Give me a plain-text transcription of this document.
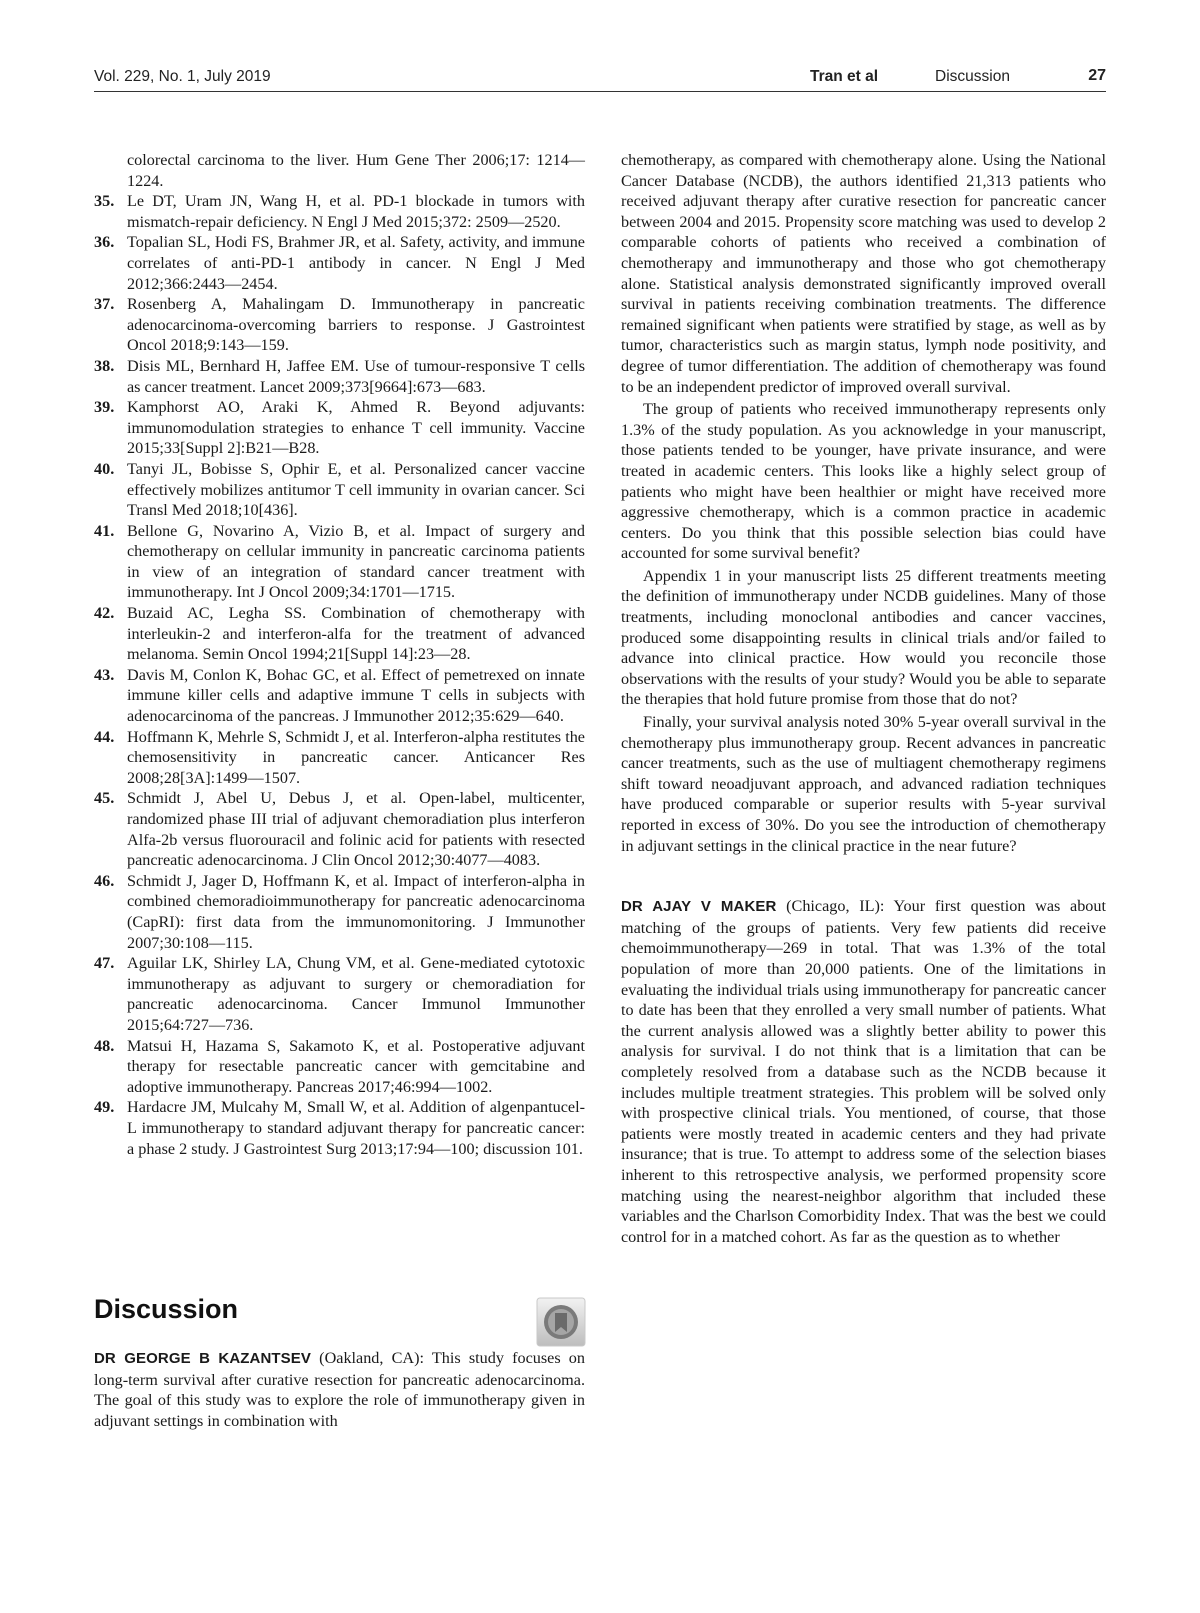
Vol. 229, No. 1, July 2019	Tran et al	Discussion	27
colorectal carcinoma to the liver. Hum Gene Ther 2006;17: 1214—1224.
35. Le DT, Uram JN, Wang H, et al. PD-1 blockade in tumors with mismatch-repair deficiency. N Engl J Med 2015;372: 2509—2520.
36. Topalian SL, Hodi FS, Brahmer JR, et al. Safety, activity, and immune correlates of anti-PD-1 antibody in cancer. N Engl J Med 2012;366:2443—2454.
37. Rosenberg A, Mahalingam D. Immunotherapy in pancreatic adenocarcinoma-overcoming barriers to response. J Gastrointest Oncol 2018;9:143—159.
38. Disis ML, Bernhard H, Jaffee EM. Use of tumour-responsive T cells as cancer treatment. Lancet 2009;373[9664]:673—683.
39. Kamphorst AO, Araki K, Ahmed R. Beyond adjuvants: immunomodulation strategies to enhance T cell immunity. Vaccine 2015;33[Suppl 2]:B21—B28.
40. Tanyi JL, Bobisse S, Ophir E, et al. Personalized cancer vaccine effectively mobilizes antitumor T cell immunity in ovarian cancer. Sci Transl Med 2018;10[436].
41. Bellone G, Novarino A, Vizio B, et al. Impact of surgery and chemotherapy on cellular immunity in pancreatic carcinoma patients in view of an integration of standard cancer treatment with immunotherapy. Int J Oncol 2009;34:1701—1715.
42. Buzaid AC, Legha SS. Combination of chemotherapy with interleukin-2 and interferon-alfa for the treatment of advanced melanoma. Semin Oncol 1994;21[Suppl 14]:23—28.
43. Davis M, Conlon K, Bohac GC, et al. Effect of pemetrexed on innate immune killer cells and adaptive immune T cells in subjects with adenocarcinoma of the pancreas. J Immunother 2012;35:629—640.
44. Hoffmann K, Mehrle S, Schmidt J, et al. Interferon-alpha restitutes the chemosensitivity in pancreatic cancer. Anticancer Res 2008;28[3A]:1499—1507.
45. Schmidt J, Abel U, Debus J, et al. Open-label, multicenter, randomized phase III trial of adjuvant chemoradiation plus interferon Alfa-2b versus fluorouracil and folinic acid for patients with resected pancreatic adenocarcinoma. J Clin Oncol 2012;30:4077—4083.
46. Schmidt J, Jager D, Hoffmann K, et al. Impact of interferon-alpha in combined chemoradioimmunotherapy for pancreatic adenocarcinoma (CapRI): first data from the immunomonitoring. J Immunother 2007;30:108—115.
47. Aguilar LK, Shirley LA, Chung VM, et al. Gene-mediated cytotoxic immunotherapy as adjuvant to surgery or chemoradiation for pancreatic adenocarcinoma. Cancer Immunol Immunother 2015;64:727—736.
48. Matsui H, Hazama S, Sakamoto K, et al. Postoperative adjuvant therapy for resectable pancreatic cancer with gemcitabine and adoptive immunotherapy. Pancreas 2017;46:994—1002.
49. Hardacre JM, Mulcahy M, Small W, et al. Addition of algenpantucel-L immunotherapy to standard adjuvant therapy for pancreatic cancer: a phase 2 study. J Gastrointest Surg 2013;17:94—100; discussion 101.
Discussion

DR GEORGE B KAZANTSEV (Oakland, CA): This study focuses on long-term survival after curative resection for pancreatic adenocarcinoma. The goal of this study was to explore the role of immunotherapy given in adjuvant settings in combination with

chemotherapy, as compared with chemotherapy alone. Using the National Cancer Database (NCDB), the authors identified 21,313 patients who received adjuvant therapy after curative resection for pancreatic cancer between 2004 and 2015. Propensity score matching was used to develop 2 comparable cohorts of patients who received a combination of chemotherapy and immunotherapy and those who got chemotherapy alone. Statistical analysis demonstrated significantly improved overall survival in patients receiving combination treatments. The difference remained significant when patients were stratified by stage, as well as by tumor, characteristics such as margin status, lymph node positivity, and degree of tumor differentiation. The addition of chemotherapy was found to be an independent predictor of improved overall survival.

The group of patients who received immunotherapy represents only 1.3% of the study population. As you acknowledge in your manuscript, those patients tended to be younger, have private insurance, and were treated in academic centers. This looks like a highly select group of patients who might have been healthier or might have received more aggressive chemotherapy, which is a common practice in academic centers. Do you think that this possible selection bias could have accounted for some survival benefit?

Appendix 1 in your manuscript lists 25 different treatments meeting the definition of immunotherapy under NCDB guidelines. Many of those treatments, including monoclonal antibodies and cancer vaccines, produced some disappointing results in clinical trials and/or failed to advance into clinical practice. How would you reconcile those observations with the results of your study? Would you be able to separate the therapies that hold future promise from those that do not?

Finally, your survival analysis noted 30% 5-year overall survival in the chemotherapy plus immunotherapy group. Recent advances in pancreatic cancer treatments, such as the use of multiagent chemotherapy regimens shift toward neoadjuvant approach, and advanced radiation techniques have produced comparable or superior results with 5-year survival reported in excess of 30%. Do you see the introduction of chemotherapy in adjuvant settings in the clinical practice in the near future?

DR AJAY V MAKER (Chicago, IL): Your first question was about matching of the groups of patients. Very few patients did receive chemoimmunotherapy—269 in total. That was 1.3% of the total population of more than 20,000 patients. One of the limitations in evaluating the individual trials using immunotherapy for pancreatic cancer to date has been that they enrolled a very small number of patients. What the current analysis allowed was a slightly better ability to power this analysis for survival. I do not think that is a limitation that can be completely resolved from a database such as the NCDB because it includes multiple treatment strategies. This problem will be solved only with prospective clinical trials. You mentioned, of course, that those patients were mostly treated in academic centers and they had private insurance; that is true. To attempt to address some of the selection biases inherent to this retrospective analysis, we performed propensity score matching using the nearest-neighbor algorithm that included these variables and the Charlson Comorbidity Index. That was the best we could control for in a matched cohort. As far as the question as to whether
